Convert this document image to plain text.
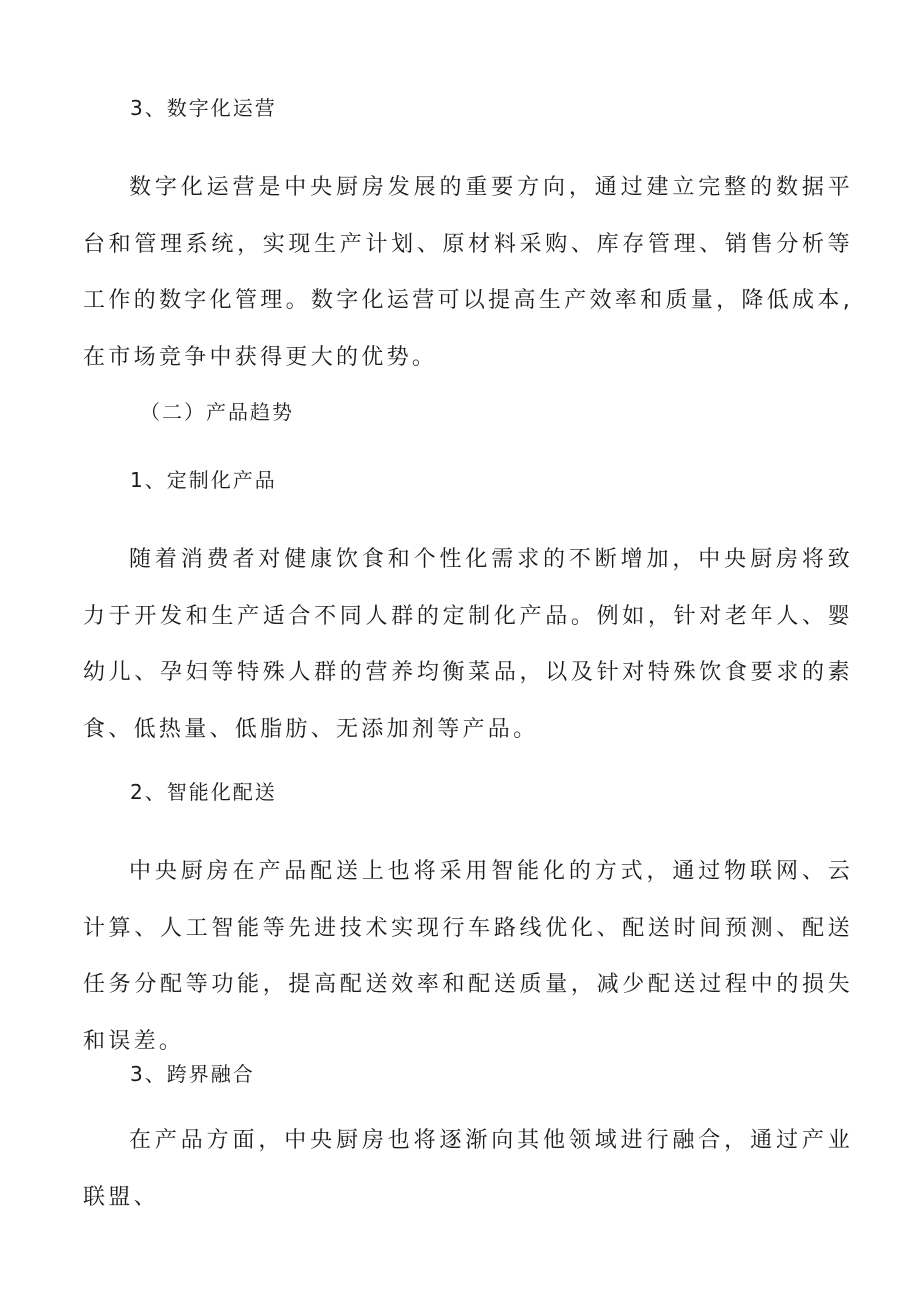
3、数字化运营

数字化运营是中央厨房发展的重要方向，通过建立完整的数据平台和管理系统，实现生产计划、原材料采购、库存管理、销售分析等工作的数字化管理。数字化运营可以提高生产效率和质量，降低成本,在市场竞争中获得更大的优势。

（二）产品趋势
1、定制化产品

随着消费者对健康饮食和个性化需求的不断增加，中央厨房将致力于开发和生产适合不同人群的定制化产品。例如，针对老年人、婴幼儿、孕妇等特殊人群的营养均衡菜品，以及针对特殊饮食要求的素食、低热量、低脂肪、无添加剂等产品。

2、智能化配送

中央厨房在产品配送上也将采用智能化的方式，通过物联网、云计算、人工智能等先进技术实现行车路线优化、配送时间预测、配送任务分配等功能，提高配送效率和配送质量，减少配送过程中的损失和误差。

3、跨界融合

在产品方面，中央厨房也将逐渐向其他领域进行融合，通过产业联盟、
